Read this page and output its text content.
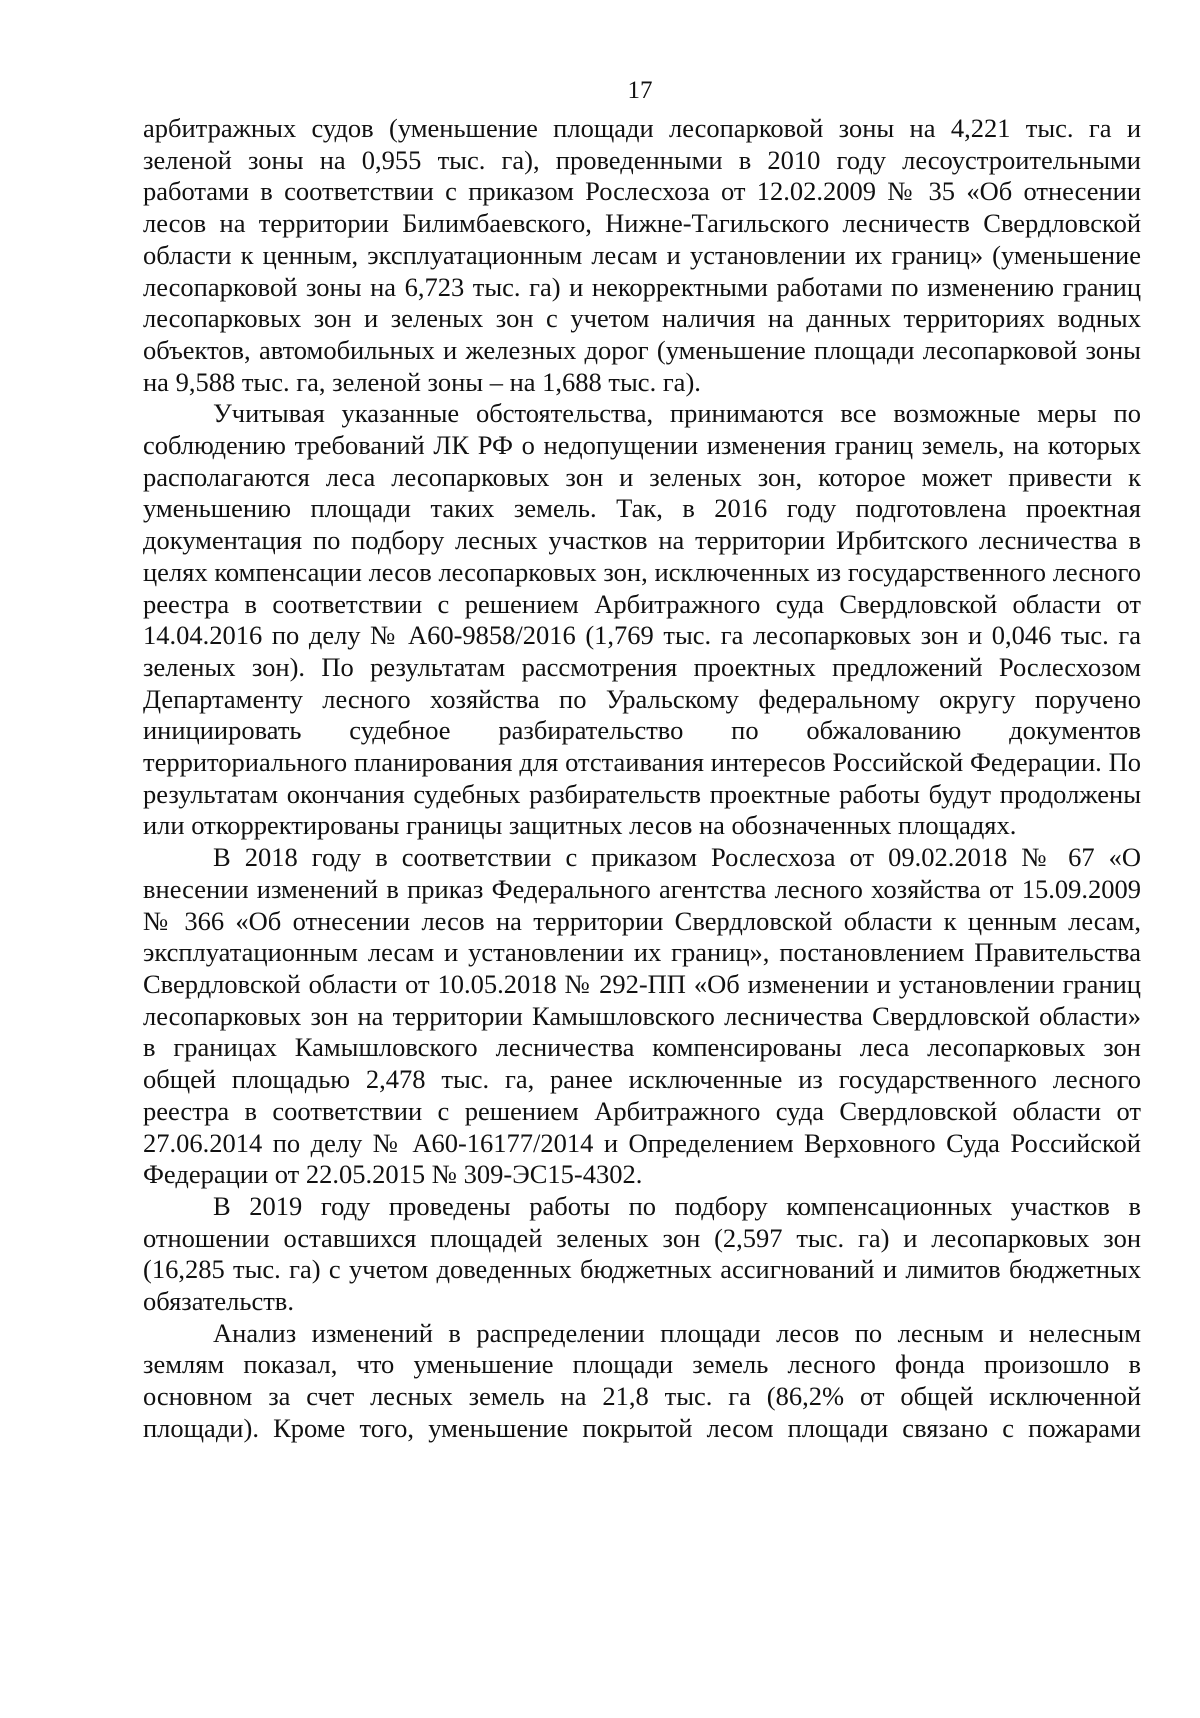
17

арбитражных судов (уменьшение площади лесопарковой зоны на 4,221 тыс. га и зеленой зоны на 0,955 тыс. га), проведенными в 2010 году лесоустроительными работами в соответствии с приказом Рослесхоза от 12.02.2009 № 35 «Об отнесении лесов на территории Билимбаевского, Нижне-Тагильского лесничеств Свердловской области к ценным, эксплуатационным лесам и установлении их границ» (уменьшение лесопарковой зоны на 6,723 тыс. га) и некорректными работами по изменению границ лесопарковых зон и зеленых зон с учетом наличия на данных территориях водных объектов, автомобильных и железных дорог (уменьшение площади лесопарковой зоны на 9,588 тыс. га, зеленой зоны – на 1,688 тыс. га).

Учитывая указанные обстоятельства, принимаются все возможные меры по соблюдению требований ЛК РФ о недопущении изменения границ земель, на которых располагаются леса лесопарковых зон и зеленых зон, которое может привести к уменьшению площади таких земель. Так, в 2016 году подготовлена проектная документация по подбору лесных участков на территории Ирбитского лесничества в целях компенсации лесов лесопарковых зон, исключенных из государственного лесного реестра в соответствии с решением Арбитражного суда Свердловской области от 14.04.2016 по делу № А60-9858/2016 (1,769 тыс. га лесопарковых зон и 0,046 тыс. га зеленых зон). По результатам рассмотрения проектных предложений Рослесхозом Департаменту лесного хозяйства по Уральскому федеральному округу поручено инициировать судебное разбирательство по обжалованию документов территориального планирования для отстаивания интересов Российской Федерации. По результатам окончания судебных разбирательств проектные работы будут продолжены или откорректированы границы защитных лесов на обозначенных площадях.

В 2018 году в соответствии с приказом Рослесхоза от 09.02.2018 № 67 «О внесении изменений в приказ Федерального агентства лесного хозяйства от 15.09.2009 № 366 «Об отнесении лесов на территории Свердловской области к ценным лесам, эксплуатационным лесам и установлении их границ», постановлением Правительства Свердловской области от 10.05.2018 № 292-ПП «Об изменении и установлении границ лесопарковых зон на территории Камышловского лесничества Свердловской области» в границах Камышловского лесничества компенсированы леса лесопарковых зон общей площадью 2,478 тыс. га, ранее исключенные из государственного лесного реестра в соответствии с решением Арбитражного суда Свердловской области от 27.06.2014 по делу № А60-16177/2014 и Определением Верховного Суда Российской Федерации от 22.05.2015 № 309-ЭС15-4302.

В 2019 году проведены работы по подбору компенсационных участков в отношении оставшихся площадей зеленых зон (2,597 тыс. га) и лесопарковых зон (16,285 тыс. га) с учетом доведенных бюджетных ассигнований и лимитов бюджетных обязательств.

Анализ изменений в распределении площади лесов по лесным и нелесным землям показал, что уменьшение площади земель лесного фонда произошло в основном за счет лесных земель на 21,8 тыс. га (86,2% от общей исключенной площади). Кроме того, уменьшение покрытой лесом площади связано с пожарами
